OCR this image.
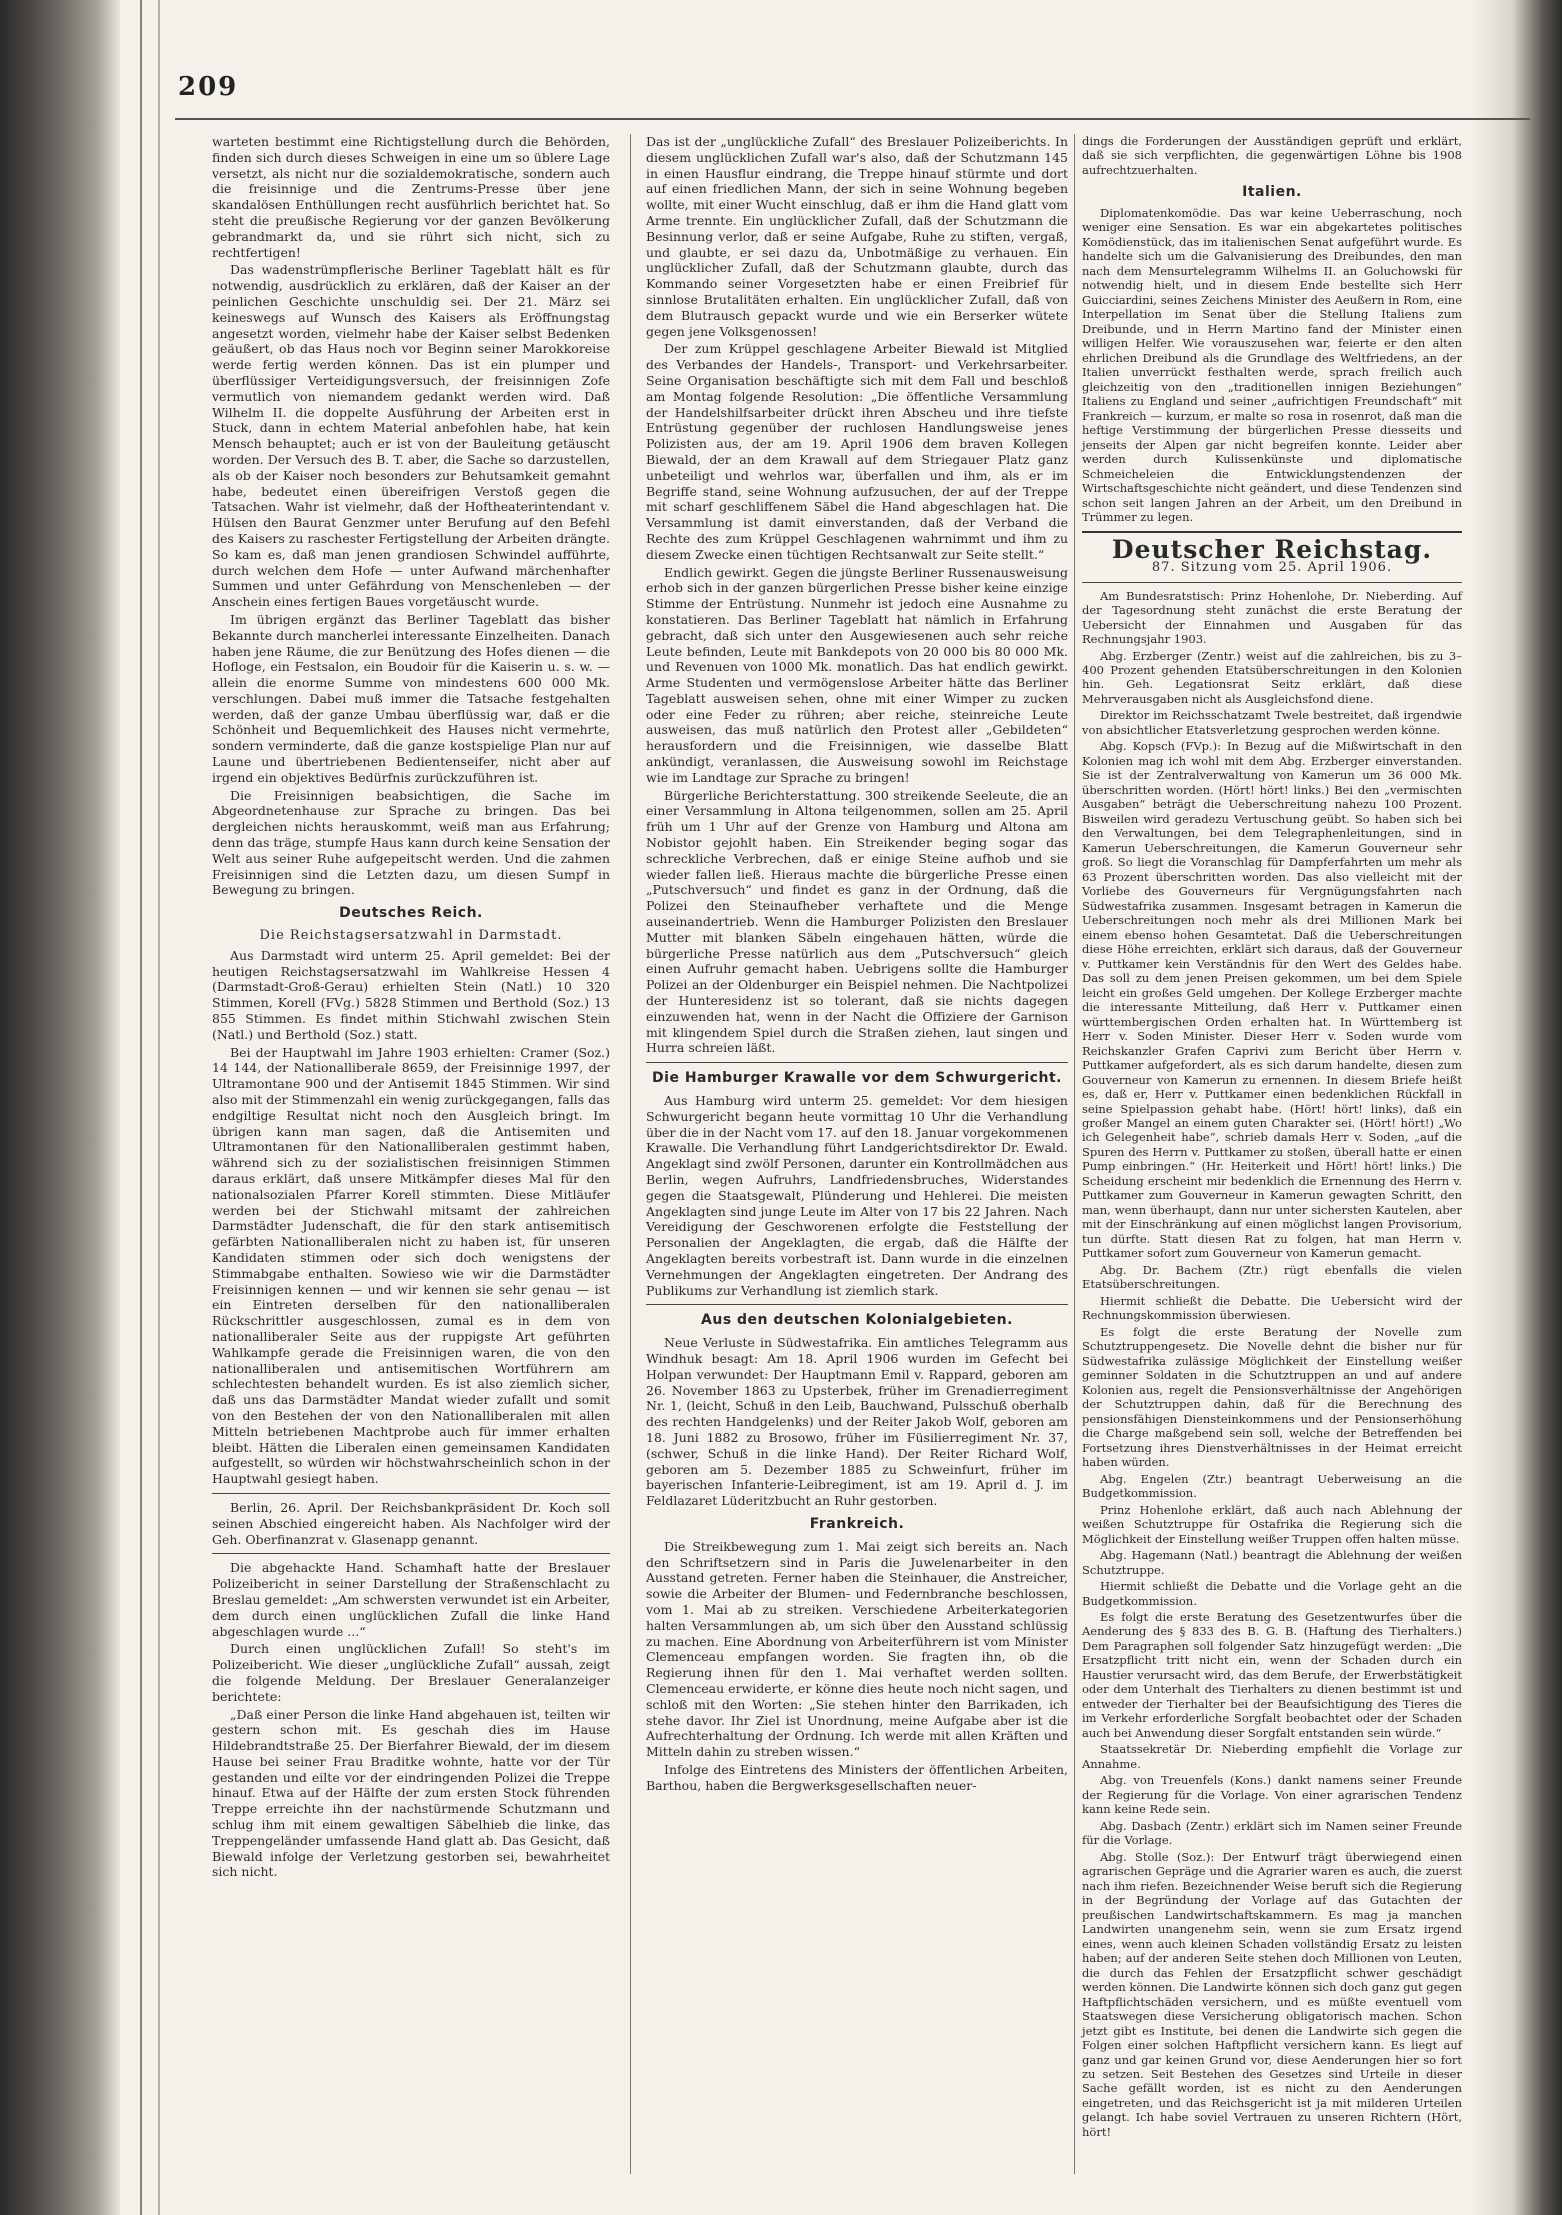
209

warteten bestimmt eine Richtigstellung durch die Behörden, finden sich durch dieses Schweigen in eine um so üblere Lage versetzt, als nicht nur die sozialdemokratische, sondern auch die freisinnige und die Zentrums-Presse über jene skandalösen Enthüllungen recht ausführlich berichtet hat. So steht die preußische Regierung vor der ganzen Bevölkerung gebrandmarkt da, und sie rührt sich nicht, sich zu rechtfertigen!

Das wadenstrümpflerische Berliner Tageblatt hält es für notwendig, ausdrücklich zu erklären, daß der Kaiser an der peinlichen Geschichte unschuldig sei. Der 21. März sei keineswegs auf Wunsch des Kaisers als Eröffnungstag angesetzt worden, vielmehr habe der Kaiser selbst Bedenken geäußert, ob das Haus noch vor Beginn seiner Marokkoreise werde fertig werden können. Das ist ein plumper und überflüssiger Verteidigungsversuch, der freisinnigen Zofe vermutlich von niemandem gedankt werden wird. Daß Wilhelm II. die doppelte Ausführung der Arbeiten erst in Stuck, dann in echtem Material anbefohlen habe, hat kein Mensch behauptet; auch er ist von der Bauleitung getäuscht worden. Der Versuch des B. T. aber, die Sache so darzustellen, als ob der Kaiser noch besonders zur Behutsamkeit gemahnt habe, bedeutet einen übereifrigen Verstoß gegen die Tatsachen. Wahr ist vielmehr, daß der Hoftheaterintendant v. Hülsen den Baurat Genzmer unter Berufung auf den Befehl des Kaisers zu raschester Fertigstellung der Arbeiten drängte. So kam es, daß man jenen grandiosen Schwindel aufführte, durch welchen dem Hofe — unter Aufwand märchenhafter Summen und unter Gefährdung von Menschenleben — der Anschein eines fertigen Baues vorgetäuscht wurde.

Im übrigen ergänzt das Berliner Tageblatt das bisher Bekannte durch mancherlei interessante Einzelheiten. Danach haben jene Räume, die zur Benützung des Hofes dienen — die Hofloge, ein Festsalon, ein Boudoir für die Kaiserin u. s. w. — allein die enorme Summe von mindestens 600 000 Mk. verschlungen. Dabei muß immer die Tatsache festgehalten werden, daß der ganze Umbau überflüssig war, daß er die Schönheit und Bequemlichkeit des Hauses nicht vermehrte, sondern verminderte, daß die ganze kostspielige Plan nur auf Laune und übertriebenen Bedientenseifer, nicht aber auf irgend ein objektives Bedürfnis zurückzuführen ist.

Die Freisinnigen beabsichtigen, die Sache im Abgeordnetenhause zur Sprache zu bringen. Das bei dergleichen nichts herauskommt, weiß man aus Erfahrung; denn das träge, stumpfe Haus kann durch keine Sensation der Welt aus seiner Ruhe aufgepeitscht werden. Und die zahmen Freisinnigen sind die Letzten dazu, um diesen Sumpf in Bewegung zu bringen.

Deutsches Reich.
Die Reichstagsersatzwahl in Darmstadt.

Aus Darmstadt wird unterm 25. April gemeldet: Bei der heutigen Reichstagsersatzwahl im Wahlkreise Hessen 4 (Darmstadt-Groß-Gerau) erhielten Stein (Natl.) 10 320 Stimmen, Korell (FVg.) 5828 Stimmen und Berthold (Soz.) 13 855 Stimmen. Es findet mithin Stichwahl zwischen Stein (Natl.) und Berthold (Soz.) statt.

Bei der Hauptwahl im Jahre 1903 erhielten: Cramer (Soz.) 14 144, der Nationalliberale 8659, der Freisinnige 1997, der Ultramontane 900 und der Antisemit 1845 Stimmen. Wir sind also mit der Stimmenzahl ein wenig zurückgegangen, falls das endgiltige Resultat nicht noch den Ausgleich bringt. Im übrigen kann man sagen, daß die Antisemiten und Ultramontanen für den Nationalliberalen gestimmt haben, während sich zu der sozialistischen freisinnigen Stimmen daraus erklärt, daß unsere Mitkämpfer dieses Mal für den nationalsozialen Pfarrer Korell stimmten. Diese Mitläufer werden bei der Stichwahl mitsamt der zahlreichen Darmstädter Judenschaft, die für den stark antisemitisch gefärbten Nationalliberalen nicht zu haben ist, für unseren Kandidaten stimmen oder sich doch wenigstens der Stimmabgabe enthalten. Sowieso wie wir die Darmstädter Freisinnigen kennen — und wir kennen sie sehr genau — ist ein Eintreten derselben für den nationalliberalen Rückschrittler ausgeschlossen, zumal es in dem von nationalliberaler Seite aus der ruppigste Art geführten Wahlkampfe gerade die Freisinnigen waren, die von den nationalliberalen und antisemitischen Wortführern am schlechtesten behandelt wurden. Es ist also ziemlich sicher, daß uns das Darmstädter Mandat wieder zufallt und somit von den Bestehen der von den Nationalliberalen mit allen Mitteln betriebenen Machtprobe auch für immer erhalten bleibt. Hätten die Liberalen einen gemeinsamen Kandidaten aufgestellt, so würden wir höchstwahrscheinlich schon in der Hauptwahl gesiegt haben.

Berlin, 26. April. Der Reichsbankpräsident Dr. Koch soll seinen Abschied eingereicht haben. Als Nachfolger wird der Geh. Oberfinanzrat v. Glasenapp genannt.

Die abgehackte Hand. Schamhaft hatte der Breslauer Polizeibericht in seiner Darstellung der Straßenschlacht zu Breslau gemeldet: „Am schwersten verwundet ist ein Arbeiter, dem durch einen unglücklichen Zufall die linke Hand abgeschlagen wurde ...“

Durch einen unglücklichen Zufall! So steht's im Polizeibericht. Wie dieser „unglückliche Zufall“ aussah, zeigt die folgende Meldung. Der Breslauer Generalanzeiger berichtete:

„Daß einer Person die linke Hand abgehauen ist, teilten wir gestern schon mit. Es geschah dies im Hause Hildebrandtstraße 25. Der Bierfahrer Biewald, der im diesem Hause bei seiner Frau Braditke wohnte, hatte vor der Tür gestanden und eilte vor der eindringenden Polizei die Treppe hinauf. Etwa auf der Hälfte der zum ersten Stock führenden Treppe erreichte ihn der nachstürmende Schutzmann und schlug ihm mit einem gewaltigen Säbelhieb die linke, das Treppengeländer umfassende Hand glatt ab. Das Gesicht, daß Biewald infolge der Verletzung gestorben sei, bewahrheitet sich nicht.

Das ist der „unglückliche Zufall“ des Breslauer Polizeiberichts. In diesem unglücklichen Zufall war's also, daß der Schutzmann 145 in einen Hausflur eindrang, die Treppe hinauf stürmte und dort auf einen friedlichen Mann, der sich in seine Wohnung begeben wollte, mit einer Wucht einschlug, daß er ihm die Hand glatt vom Arme trennte. Ein unglücklicher Zufall, daß der Schutzmann die Besinnung verlor, daß er seine Aufgabe, Ruhe zu stiften, vergaß, und glaubte, er sei dazu da, Unbotmäßige zu verhauen. Ein unglücklicher Zufall, daß der Schutzmann glaubte, durch das Kommando seiner Vorgesetzten habe er einen Freibrief für sinnlose Brutalitäten erhalten. Ein unglücklicher Zufall, daß von dem Blutrausch gepackt wurde und wie ein Berserker wütete gegen jene Volksgenossen!

Der zum Krüppel geschlagene Arbeiter Biewald ist Mitglied des Verbandes der Handels-, Transport- und Verkehrsarbeiter. Seine Organisation beschäftigte sich mit dem Fall und beschloß am Montag folgende Resolution: „Die öffentliche Versammlung der Handelshilfsarbeiter drückt ihren Abscheu und ihre tiefste Entrüstung gegenüber der ruchlosen Handlungsweise jenes Polizisten aus, der am 19. April 1906 dem braven Kollegen Biewald, der an dem Krawall auf dem Striegauer Platz ganz unbeteiligt und wehrlos war, überfallen und ihm, als er im Begriffe stand, seine Wohnung aufzusuchen, der auf der Treppe mit scharf geschliffenem Säbel die Hand abgeschlagen hat. Die Versammlung ist damit einverstanden, daß der Verband die Rechte des zum Krüppel Geschlagenen wahrnimmt und ihm zu diesem Zwecke einen tüchtigen Rechtsanwalt zur Seite stellt.“

Endlich gewirkt. Gegen die jüngste Berliner Russenausweisung erhob sich in der ganzen bürgerlichen Presse bisher keine einzige Stimme der Entrüstung. Nunmehr ist jedoch eine Ausnahme zu konstatieren. Das Berliner Tageblatt hat nämlich in Erfahrung gebracht, daß sich unter den Ausgewiesenen auch sehr reiche Leute befinden, Leute mit Bankdepots von 20 000 bis 80 000 Mk. und Revenuen von 1000 Mk. monatlich. Das hat endlich gewirkt. Arme Studenten und vermögenslose Arbeiter hätte das Berliner Tageblatt ausweisen sehen, ohne mit einer Wimper zu zucken oder eine Feder zu rühren; aber reiche, steinreiche Leute ausweisen, das muß natürlich den Protest aller „Gebildeten“ herausfordern und die Freisinnigen, wie dasselbe Blatt ankündigt, veranlassen, die Ausweisung sowohl im Reichstage wie im Landtage zur Sprache zu bringen!

Bürgerliche Berichterstattung. 300 streikende Seeleute, die an einer Versammlung in Altona teilgenommen, sollen am 25. April früh um 1 Uhr auf der Grenze von Hamburg und Altona am Nobistor gejohlt haben. Ein Streikender beging sogar das schreckliche Verbrechen, daß er einige Steine aufhob und sie wieder fallen ließ. Hieraus machte die bürgerliche Presse einen „Putschversuch“ und findet es ganz in der Ordnung, daß die Polizei den Steinaufheber verhaftete und die Menge auseinandertrieb. Wenn die Hamburger Polizisten den Breslauer Mutter mit blanken Säbeln eingehauen hätten, würde die bürgerliche Presse natürlich aus dem „Putschversuch“ gleich einen Aufruhr gemacht haben. Uebrigens sollte die Hamburger Polizei an der Oldenburger ein Beispiel nehmen. Die Nachtpolizei der Hunteresidenz ist so tolerant, daß sie nichts dagegen einzuwenden hat, wenn in der Nacht die Offiziere der Garnison mit klingendem Spiel durch die Straßen ziehen, laut singen und Hurra schreien läßt.

Die Hamburger Krawalle vor dem Schwurgericht.

Aus Hamburg wird unterm 25. gemeldet: Vor dem hiesigen Schwurgericht begann heute vormittag 10 Uhr die Verhandlung über die in der Nacht vom 17. auf den 18. Januar vorgekommenen Krawalle. Die Verhandlung führt Landgerichtsdirektor Dr. Ewald. Angeklagt sind zwölf Personen, darunter ein Kontrollmädchen aus Berlin, wegen Aufruhrs, Landfriedensbruches, Widerstandes gegen die Staatsgewalt, Plünderung und Hehlerei. Die meisten Angeklagten sind junge Leute im Alter von 17 bis 22 Jahren. Nach Vereidigung der Geschworenen erfolgte die Feststellung der Personalien der Angeklagten, die ergab, daß die Hälfte der Angeklagten bereits vorbestraft ist. Dann wurde in die einzelnen Vernehmungen der Angeklagten eingetreten. Der Andrang des Publikums zur Verhandlung ist ziemlich stark.

Aus den deutschen Kolonialgebieten.

Neue Verluste in Südwestafrika. Ein amtliches Telegramm aus Windhuk besagt: Am 18. April 1906 wurden im Gefecht bei Holpan verwundet: Der Hauptmann Emil v. Rappard, geboren am 26. November 1863 zu Upsterbek, früher im Grenadierregiment Nr. 1, (leicht, Schuß in den Leib, Bauchwand, Pulsschuß oberhalb des rechten Handgelenks) und der Reiter Jakob Wolf, geboren am 18. Juni 1882 zu Brosowo, früher im Füsilierregiment Nr. 37, (schwer, Schuß in die linke Hand). Der Reiter Richard Wolf, geboren am 5. Dezember 1885 zu Schweinfurt, früher im bayerischen Infanterie-Leibregiment, ist am 19. April d. J. im Feldlazaret Lüderitzbucht an Ruhr gestorben.

Frankreich.

Die Streikbewegung zum 1. Mai zeigt sich bereits an. Nach den Schriftsetzern sind in Paris die Juwelenarbeiter in den Ausstand getreten. Ferner haben die Steinhauer, die Anstreicher, sowie die Arbeiter der Blumen- und Federnbranche beschlossen, vom 1. Mai ab zu streiken. Verschiedene Arbeiterkategorien halten Versammlungen ab, um sich über den Ausstand schlüssig zu machen. Eine Abordnung von Arbeiterführern ist vom Minister Clemenceau empfangen worden. Sie fragten ihn, ob die Regierung ihnen für den 1. Mai verhaftet werden sollten. Clemenceau erwiderte, er könne dies heute noch nicht sagen, und schloß mit den Worten: „Sie stehen hinter den Barrikaden, ich stehe davor. Ihr Ziel ist Unordnung, meine Aufgabe aber ist die Aufrechterhaltung der Ordnung. Ich werde mit allen Kräften und Mitteln dahin zu streben wissen.“

Infolge des Eintretens des Ministers der öffentlichen Arbeiten, Barthou, haben die Bergwerksgesellschaften neuer-

dings die Forderungen der Ausständigen geprüft und erklärt, daß sie sich verpflichten, die gegenwärtigen Löhne bis 1908 aufrechtzuerhalten.

Italien.

Diplomatenkomödie. Das war keine Ueberraschung, noch weniger eine Sensation. Es war ein abgekartetes politisches Komödienstück, das im italienischen Senat aufgeführt wurde. Es handelte sich um die Galvanisierung des Dreibundes, den man nach dem Mensurtelegramm Wilhelms II. an Goluchowski für notwendig hielt, und in diesem Ende bestellte sich Herr Guicciardini, seines Zeichens Minister des Aeußern in Rom, eine Interpellation im Senat über die Stellung Italiens zum Dreibunde, und in Herrn Martino fand der Minister einen willigen Helfer. Wie vorauszusehen war, feierte er den alten ehrlichen Dreibund als die Grundlage des Weltfriedens, an der Italien unverrückt festhalten werde, sprach freilich auch gleichzeitig von den „traditionellen innigen Beziehungen“ Italiens zu England und seiner „aufrichtigen Freundschaft“ mit Frankreich — kurzum, er malte so rosa in rosenrot, daß man die heftige Verstimmung der bürgerlichen Presse diesseits und jenseits der Alpen gar nicht begreifen konnte. Leider aber werden durch Kulissenkünste und diplomatische Schmeicheleien die Entwicklungstendenzen der Wirtschaftsgeschichte nicht geändert, und diese Tendenzen sind schon seit langen Jahren an der Arbeit, um den Dreibund in Trümmer zu legen.

Deutscher Reichstag.
87. Sitzung vom 25. April 1906.

Am Bundesratstisch: Prinz Hohenlohe, Dr. Nieberding. Auf der Tagesordnung steht zunächst die erste Beratung der Uebersicht der Einnahmen und Ausgaben für das Rechnungsjahr 1903.

Abg. Erzberger (Zentr.) weist auf die zahlreichen, bis zu 3–400 Prozent gehenden Etatsüberschreitungen in den Kolonien hin. Geh. Legationsrat Seitz erklärt, daß diese Mehrverausgaben nicht als Ausgleichsfond diene.

Direktor im Reichsschatzamt Twele bestreitet, daß irgendwie von absichtlicher Etatsverletzung gesprochen werden könne.

Abg. Kopsch (FVp.): In Bezug auf die Mißwirtschaft in den Kolonien mag ich wohl mit dem Abg. Erzberger einverstanden. Sie ist der Zentralverwaltung von Kamerun um 36 000 Mk. überschritten worden. (Hört! hört! links.) Bei den „vermischten Ausgaben“ beträgt die Ueberschreitung nahezu 100 Prozent. Bisweilen wird geradezu Vertuschung geübt. So haben sich bei den Verwaltungen, bei dem Telegraphenleitungen, sind in Kamerun Ueberschreitungen, die Kamerun Gouverneur sehr groß. So liegt die Voranschlag für Dampferfahrten um mehr als 63 Prozent überschritten worden. Das also vielleicht mit der Vorliebe des Gouverneurs für Vergnügungsfahrten nach Südwestafrika zusammen. Insgesamt betragen in Kamerun die Ueberschreitungen noch mehr als drei Millionen Mark bei einem ebenso hohen Gesamtetat. Daß die Ueberschreitungen diese Höhe erreichten, erklärt sich daraus, daß der Gouverneur v. Puttkamer kein Verständnis für den Wert des Geldes habe. Das soll zu dem jenen Preisen gekommen, um bei dem Spiele leicht ein großes Geld umgehen. Der Kollege Erzberger machte die interessante Mitteilung, daß Herr v. Puttkamer einen württembergischen Orden erhalten hat. In Württemberg ist Herr v. Soden Minister. Dieser Herr v. Soden wurde vom Reichskanzler Grafen Caprivi zum Bericht über Herrn v. Puttkamer aufgefordert, als es sich darum handelte, diesen zum Gouverneur von Kamerun zu ernennen. In diesem Briefe heißt es, daß er, Herr v. Puttkamer einen bedenklichen Rückfall in seine Spielpassion gehabt habe. (Hört! hört! links), daß ein großer Mangel an einem guten Charakter sei. (Hört! hört!) „Wo ich Gelegenheit habe“, schrieb damals Herr v. Soden, „auf die Spuren des Herrn v. Puttkamer zu stoßen, überall hatte er einen Pump einbringen.“ (Hr. Heiterkeit und Hört! hört! links.) Die Scheidung erscheint mir bedenklich die Ernennung des Herrn v. Puttkamer zum Gouverneur in Kamerun gewagten Schritt, den man, wenn überhaupt, dann nur unter sichersten Kautelen, aber mit der Einschränkung auf einen möglichst langen Provisorium, tun dürfte. Statt diesen Rat zu folgen, hat man Herrn v. Puttkamer sofort zum Gouverneur von Kamerun gemacht.

Abg. Dr. Bachem (Ztr.) rügt ebenfalls die vielen Etatsüberschreitungen.

Hiermit schließt die Debatte. Die Uebersicht wird der Rechnungskommission überwiesen.

Es folgt die erste Beratung der Novelle zum Schutztruppengesetz. Die Novelle dehnt die bisher nur für Südwestafrika zulässige Möglichkeit der Einstellung weißer geminner Soldaten in die Schutztruppen an und auf andere Kolonien aus, regelt die Pensionsverhältnisse der Angehörigen der Schutztruppen dahin, daß für die Berechnung des pensionsfähigen Diensteinkommens und der Pensionserhöhung die Charge maßgebend sein soll, welche der Betreffenden bei Fortsetzung ihres Dienstverhältnisses in der Heimat erreicht haben würden.

Abg. Engelen (Ztr.) beantragt Ueberweisung an die Budgetkommission.

Prinz Hohenlohe erklärt, daß auch nach Ablehnung der weißen Schutztruppe für Ostafrika die Regierung sich die Möglichkeit der Einstellung weißer Truppen offen halten müsse.

Abg. Hagemann (Natl.) beantragt die Ablehnung der weißen Schutztruppe.

Hiermit schließt die Debatte und die Vorlage geht an die Budgetkommission.

Es folgt die erste Beratung des Gesetzentwurfes über die Aenderung des § 833 des B. G. B. (Haftung des Tierhalters.) Dem Paragraphen soll folgender Satz hinzugefügt werden: „Die Ersatzpflicht tritt nicht ein, wenn der Schaden durch ein Haustier verursacht wird, das dem Berufe, der Erwerbstätigkeit oder dem Unterhalt des Tierhalters zu dienen bestimmt ist und entweder der Tierhalter bei der Beaufsichtigung des Tieres die im Verkehr erforderliche Sorgfalt beobachtet oder der Schaden auch bei Anwendung dieser Sorgfalt entstanden sein würde.“

Staatssekretär Dr. Nieberding empfiehlt die Vorlage zur Annahme.

Abg. von Treuenfels (Kons.) dankt namens seiner Freunde der Regierung für die Vorlage. Von einer agrarischen Tendenz kann keine Rede sein.

Abg. Dasbach (Zentr.) erklärt sich im Namen seiner Freunde für die Vorlage.

Abg. Stolle (Soz.): Der Entwurf trägt überwiegend einen agrarischen Gepräge und die Agrarier waren es auch, die zuerst nach ihm riefen. Bezeichnender Weise beruft sich die Regierung in der Begründung der Vorlage auf das Gutachten der preußischen Landwirtschaftskammern. Es mag ja manchen Landwirten unangenehm sein, wenn sie zum Ersatz irgend eines, wenn auch kleinen Schaden vollständig Ersatz zu leisten haben; auf der anderen Seite stehen doch Millionen von Leuten, die durch das Fehlen der Ersatzpflicht schwer geschädigt werden können. Die Landwirte können sich doch ganz gut gegen Haftpflichtschäden versichern, und es müßte eventuell vom Staatswegen diese Versicherung obligatorisch machen. Schon jetzt gibt es Institute, bei denen die Landwirte sich gegen die Folgen einer solchen Haftpflicht versichern kann. Es liegt auf ganz und gar keinen Grund vor, diese Aenderungen hier so fort zu setzen. Seit Bestehen des Gesetzes sind Urteile in dieser Sache gefällt worden, ist es nicht zu den Aenderungen eingetreten, und das Reichsgericht ist ja mit milderen Urteilen gelangt. Ich habe soviel Vertrauen zu unseren Richtern (Hört, hört!
